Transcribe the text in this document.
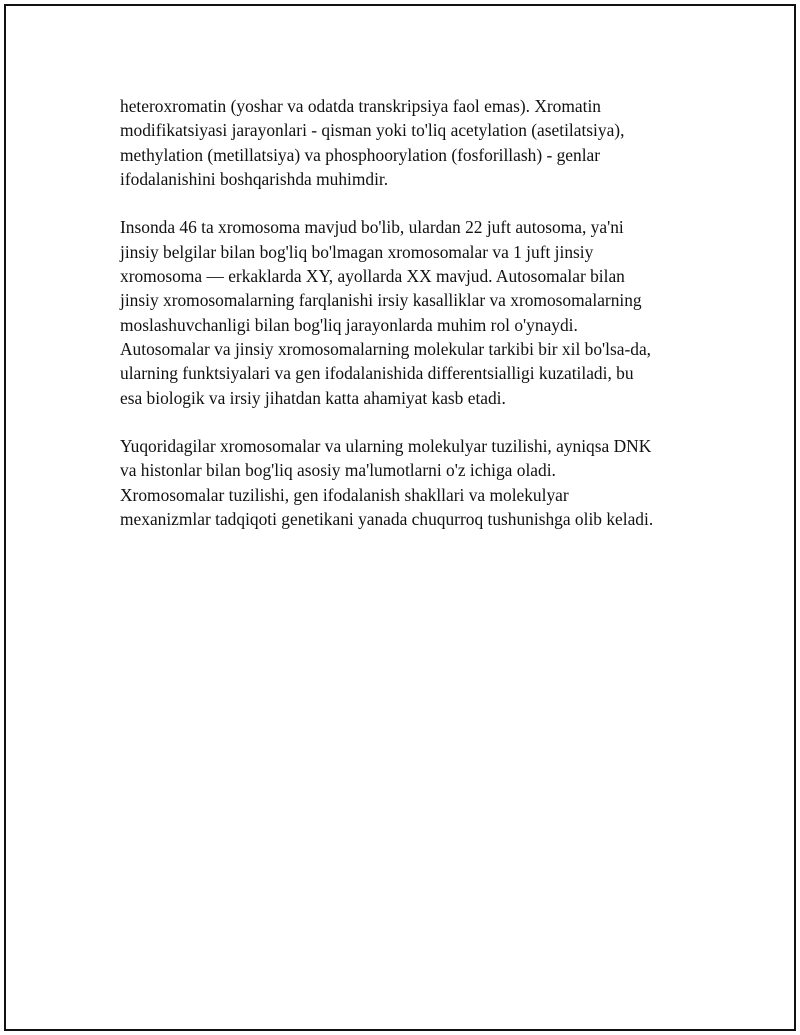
heteroxromatin (yoshar va odatda transkripsiya faol emas). Xromatin
modifikatsiyasi jarayonlari - qisman yoki to'liq acetylation (asetilatsiya),
methylation (metillatsiya) va phosphoorylation (fosforillash) - genlar
ifodalanishini boshqarishda muhimdir.

Insonda 46 ta xromosoma mavjud bo'lib, ulardan 22 juft autosoma, ya'ni
jinsiy belgilar bilan bog'liq bo'lmagan xromosomalar va 1 juft jinsiy
xromosoma — erkaklarda XY, ayollarda XX mavjud. Autosomalar bilan
jinsiy xromosomalarning farqlanishi irsiy kasalliklar va xromosomalarning
moslashuvchanligi bilan bog'liq jarayonlarda muhim rol o'ynaydi.
Autosomalar va jinsiy xromosomalarning molekular tarkibi bir xil bo'lsa-da,
ularning funktsiyalari va gen ifodalanishida differentsialligi kuzatiladi, bu
esa biologik va irsiy jihatdan katta ahamiyat kasb etadi.

Yuqoridagilar xromosomalar va ularning molekulyar tuzilishi, ayniqsa DNK
va histonlar bilan bog'liq asosiy ma'lumotlarni o'z ichiga oladi.
Xromosomalar tuzilishi, gen ifodalanish shakllari va molekulyar
mexanizmlar tadqiqoti genetikani yanada chuqurroq tushunishga olib keladi.
